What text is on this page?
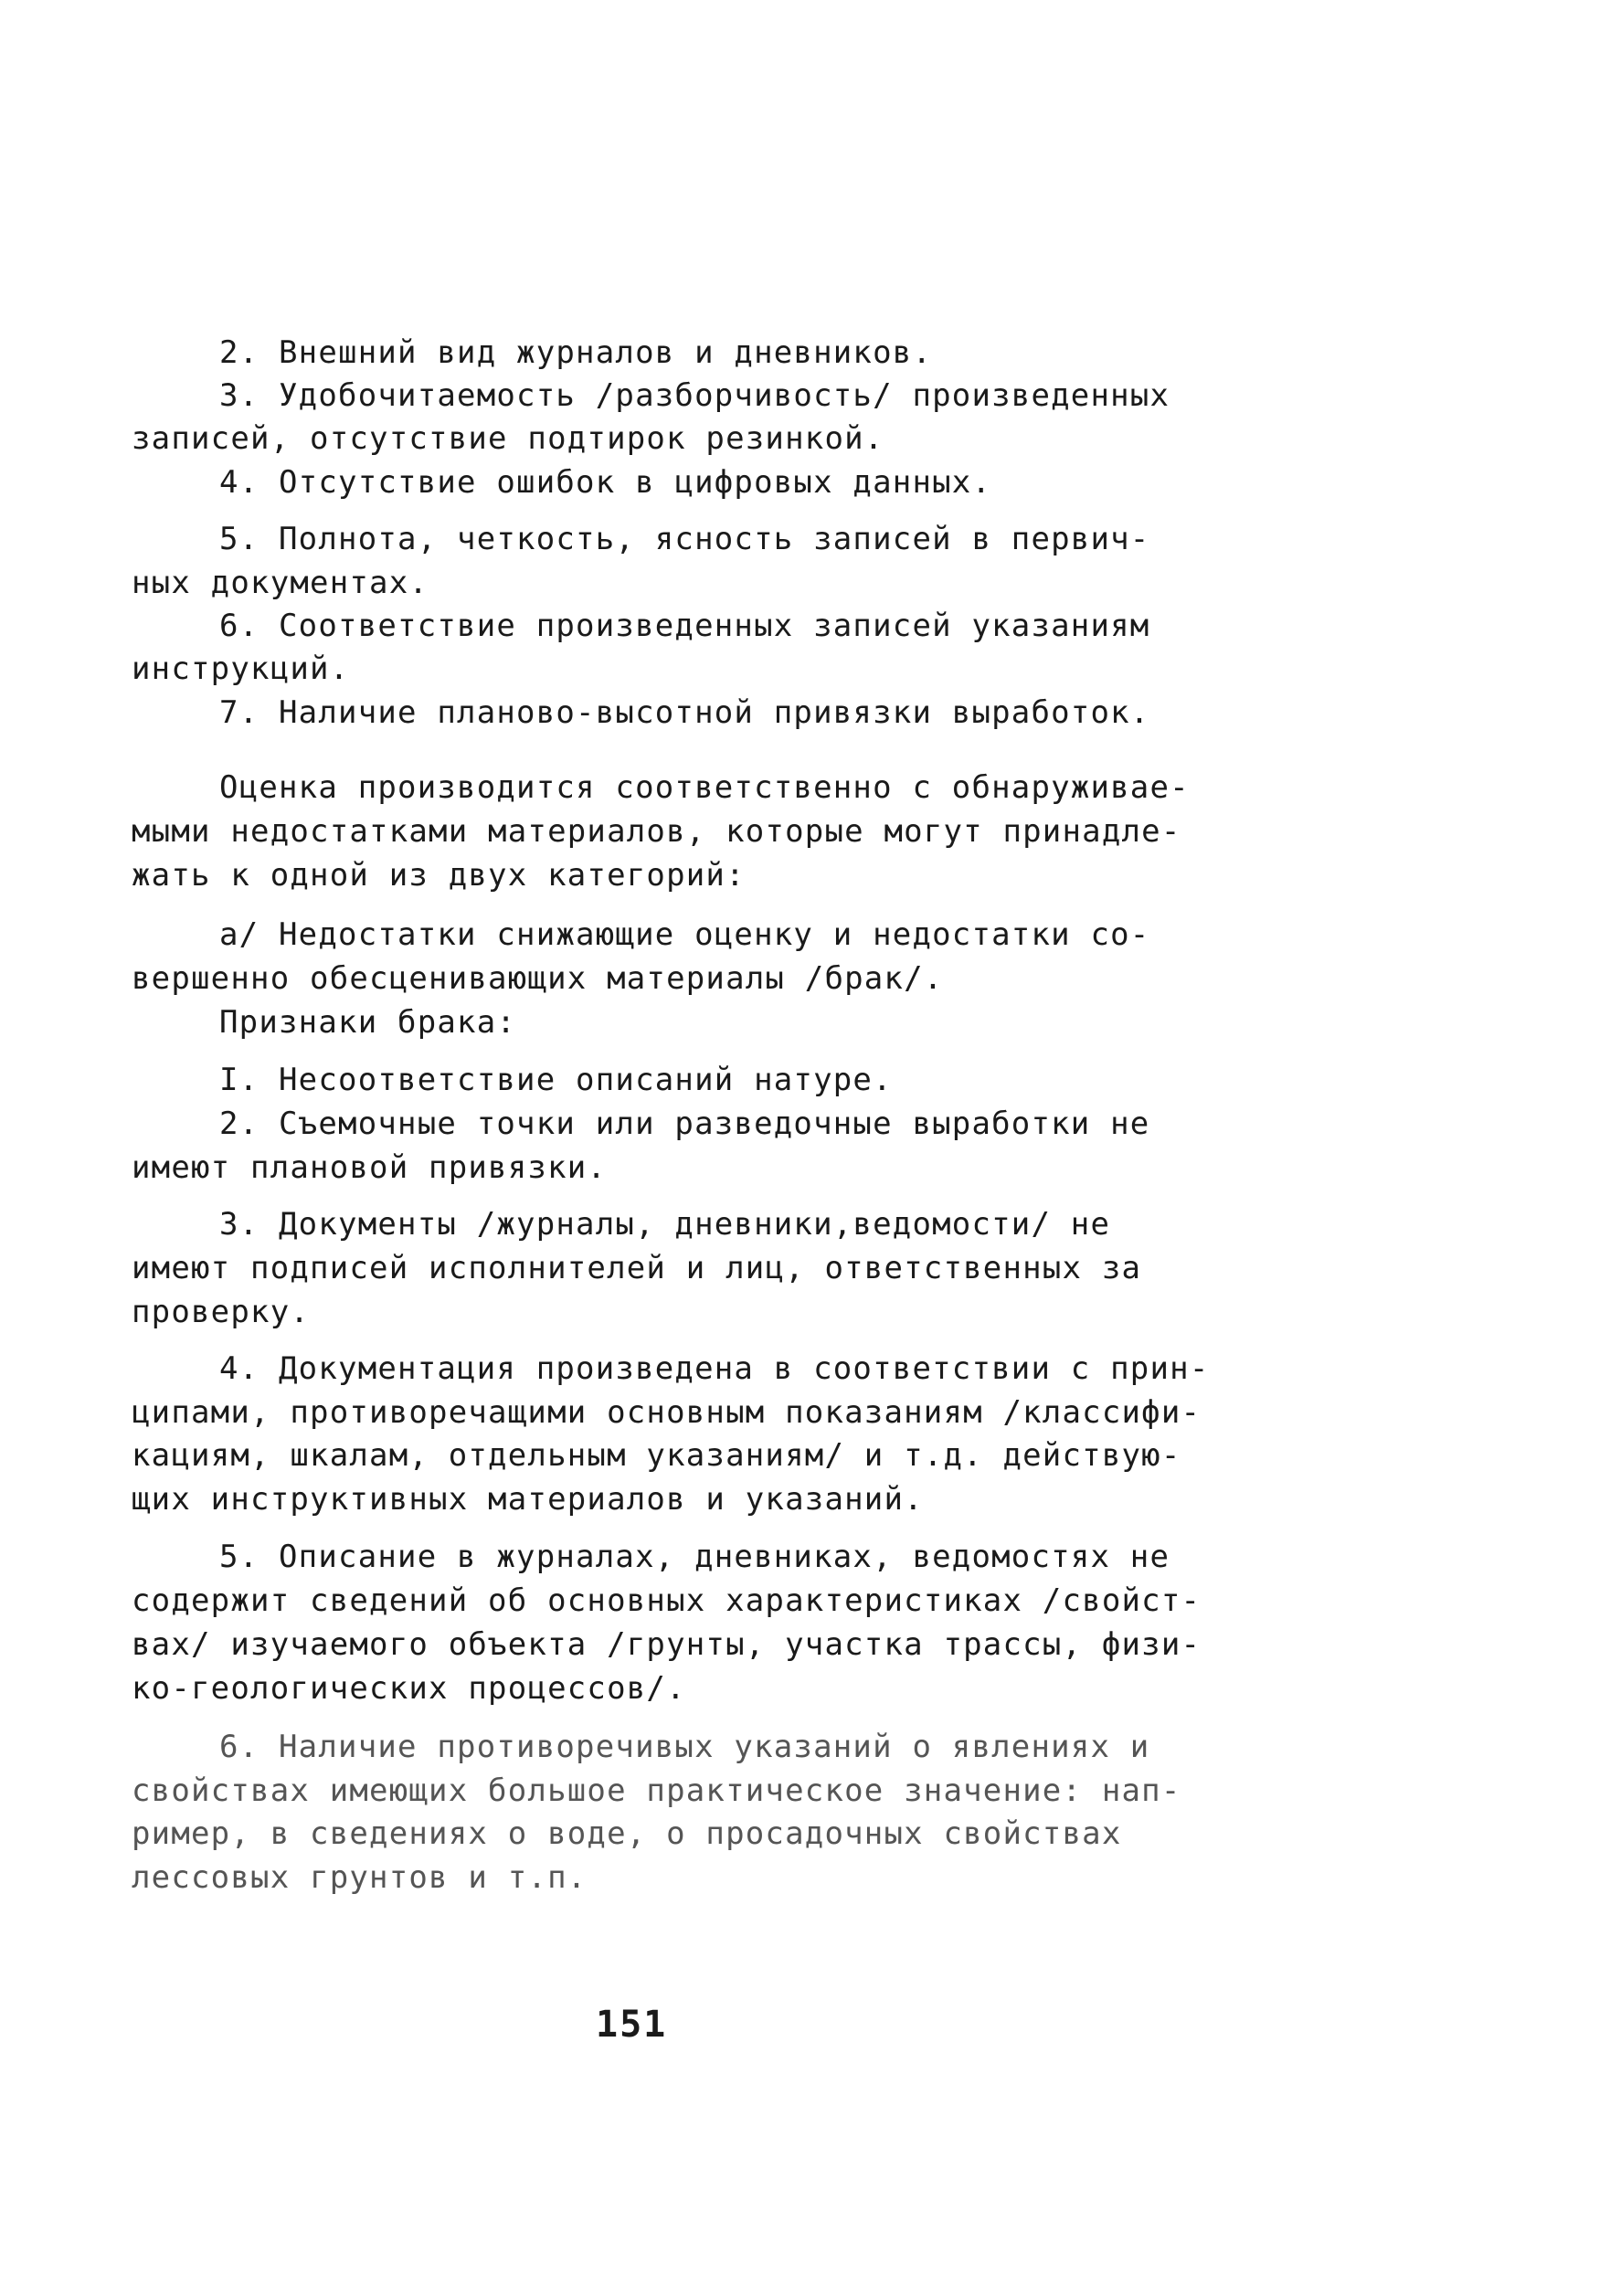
2. Внешний вид журналов и дневников.
3. Удобочитаемость /разборчивость/ произведенных
записей, отсутствие подтирок резинкой.
4. Отсутствие ошибок в цифровых данных.
5. Полнота, четкость, ясность записей в первич-
ных документах.
6. Соответствие произведенных записей указаниям
инструкций.
7. Наличие планово-высотной привязки выработок.
Оценка производится соответственно с обнаруживае-
мыми недостатками материалов, которые могут принадле-
жать к одной из двух категорий:
а/ Недостатки снижающие оценку и недостатки со-
вершенно обесценивающих материалы /брак/.
Признаки брака:
I. Несоответствие описаний натуре.
2. Съемочные точки или разведочные выработки не
имеют плановой привязки.
3. Документы /журналы, дневники,ведомости/ не
имеют подписей исполнителей и лиц, ответственных за
проверку.
4. Документация произведена в соответствии с прин-
ципами, противоречащими основным показаниям /классифи-
кациям, шкалам, отдельным указаниям/ и т.д. действую-
щих инструктивных материалов и указаний.
5. Описание в журналах, дневниках, ведомостях не
содержит сведений об основных характеристиках /свойст-
вах/ изучаемого объекта /грунты, участка трассы, физи-
ко-геологических процессов/.
6. Наличие противоречивых указаний о явлениях и
свойствах имеющих большое практическое значение: нап-
ример, в сведениях о воде, о просадочных свойствах
лессовых грунтов и т.п.
151
